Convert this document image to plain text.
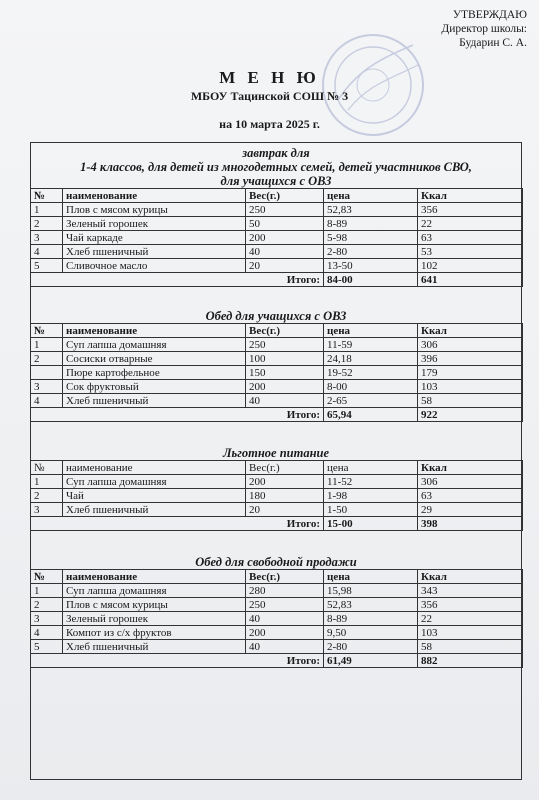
УТВЕРЖДАЮ
Директор школы:
Бударин С. А.
М Е Н Ю
МБОУ Тацинской СОШ № 3
на 10 марта 2025 г.
завтрак для
1-4 классов, для детей из многодетных семей, детей участников СВО,
для учащихся с ОВЗ
№	наименование	Вес(г.)	цена	Ккал
1	Плов с мясом курицы	250	52,83	356
2	Зеленый горошек	50	8-89	22
3	Чай каркаде	200	5-98	63
4	Хлеб пшеничный	40	2-80	53
5	Сливочное масло	20	13-50	102
Итого:			84-00	641
Обед для учащихся с ОВЗ
№	наименование	Вес(г.)	цена	Ккал
1	Суп лапша домашняя	250	11-59	306
2	Сосиски отварные	100	24,18	396
	Пюре картофельное	150	19-52	179
3	Сок фруктовый	200	8-00	103
4	Хлеб пшеничный	40	2-65	58
Итого:			65,94	922
Льготное питание
№	наименование	Вес(г.)	цена	Ккал
1	Суп лапша домашняя	200	11-52	306
2	Чай	180	1-98	63
3	Хлеб пшеничный	20	1-50	29
Итого:			15-00	398
Обед для свободной продажи
№	наименование	Вес(г.)	цена	Ккал
1	Суп лапша домашняя	280	15,98	343
2	Плов с мясом курицы	250	52,83	356
3	Зеленый горошек	40	8-89	22
4	Компот из с/х фруктов	200	9,50	103
5	Хлеб пшеничный	40	2-80	58
Итого:			61,49	882
